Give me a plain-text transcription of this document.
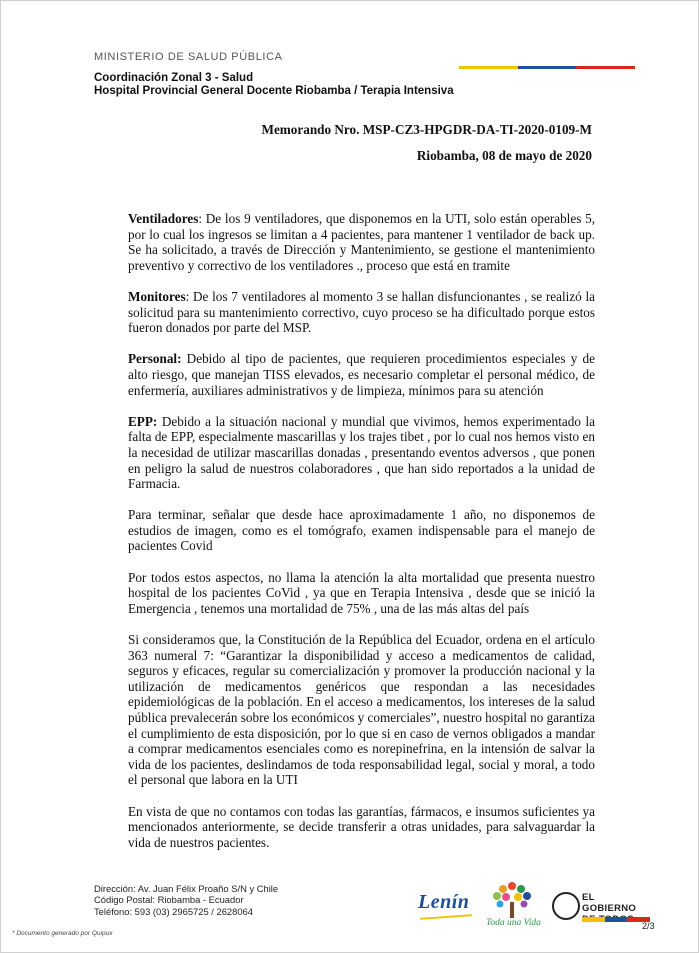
MINISTERIO DE SALUD PÚBLICA
Coordinación Zonal 3 - Salud
Hospital Provincial General Docente Riobamba / Terapia Intensiva
Memorando Nro. MSP-CZ3-HPGDR-DA-TI-2020-0109-M
Riobamba, 08 de mayo de 2020

Ventiladores: De los 9 ventiladores, que disponemos en la UTI, solo están operables 5, por lo cual los ingresos se limitan a 4 pacientes, para mantener 1 ventilador de back up. Se ha solicitado, a través de Dirección y Mantenimiento, se gestione el mantenimiento preventivo y correctivo de los ventiladores ., proceso que está en tramite

Monitores: De los 7 ventiladores al momento 3 se hallan disfuncionantes , se realizó la solicitud para su mantenimiento correctivo, cuyo proceso se ha dificultado porque estos fueron donados por parte del MSP.

Personal: Debido al tipo de pacientes, que requieren procedimientos especiales y de alto riesgo, que manejan TISS elevados, es necesario completar el personal médico, de enfermería, auxiliares administrativos y de limpieza, mínimos para su atención

EPP: Debido a la situación nacional y mundial que vivimos, hemos experimentado la falta de EPP, especialmente mascarillas y los trajes tibet , por lo cual nos hemos visto en la necesidad de utilizar mascarillas donadas , presentando eventos adversos , que ponen en peligro la salud de nuestros colaboradores , que han sido reportados a la unidad de Farmacia.

Para terminar, señalar que desde hace aproximadamente 1 año, no disponemos de estudios de imagen, como es el tomógrafo, examen indispensable para el manejo de pacientes Covid

Por todos estos aspectos, no llama la atención la alta mortalidad que presenta nuestro hospital de los pacientes CoVid , ya que en Terapia Intensiva , desde que se inició la Emergencia , tenemos una mortalidad de 75% , una de las más altas del país

Si consideramos que, la Constitución de la República del Ecuador, ordena en el artículo 363 numeral 7: “Garantizar la disponibilidad y acceso a medicamentos de calidad, seguros y eficaces, regular su comercialización y promover la producción nacional y la utilización de medicamentos genéricos que respondan a las necesidades epidemiológicas de la población. En el acceso a medicamentos, los intereses de la salud pública prevalecerán sobre los económicos y comerciales”, nuestro hospital no garantiza el cumplimiento de esta disposición, por lo que si en caso de vernos obligados a mandar a comprar medicamentos esenciales como es norepinefrina, en la intensión de salvar la vida de los pacientes, deslindamos de toda responsabilidad legal, social y moral, a todo el personal que labora en la UTI

En vista de que no contamos con todas las garantías, fármacos, e insumos suficientes ya mencionados anteriormente, se decide transferir a otras unidades, para salvaguardar la vida de nuestros pacientes.

Dirección: Av. Juan Félix Proaño S/N y Chile
Código Postal: Riobamba - Ecuador
Teléfono: 593 (03) 2965725 / 2628064	Lenín
Toda una Vida
EL GOBIERNO
* Documento generado por Quipux
2/3
